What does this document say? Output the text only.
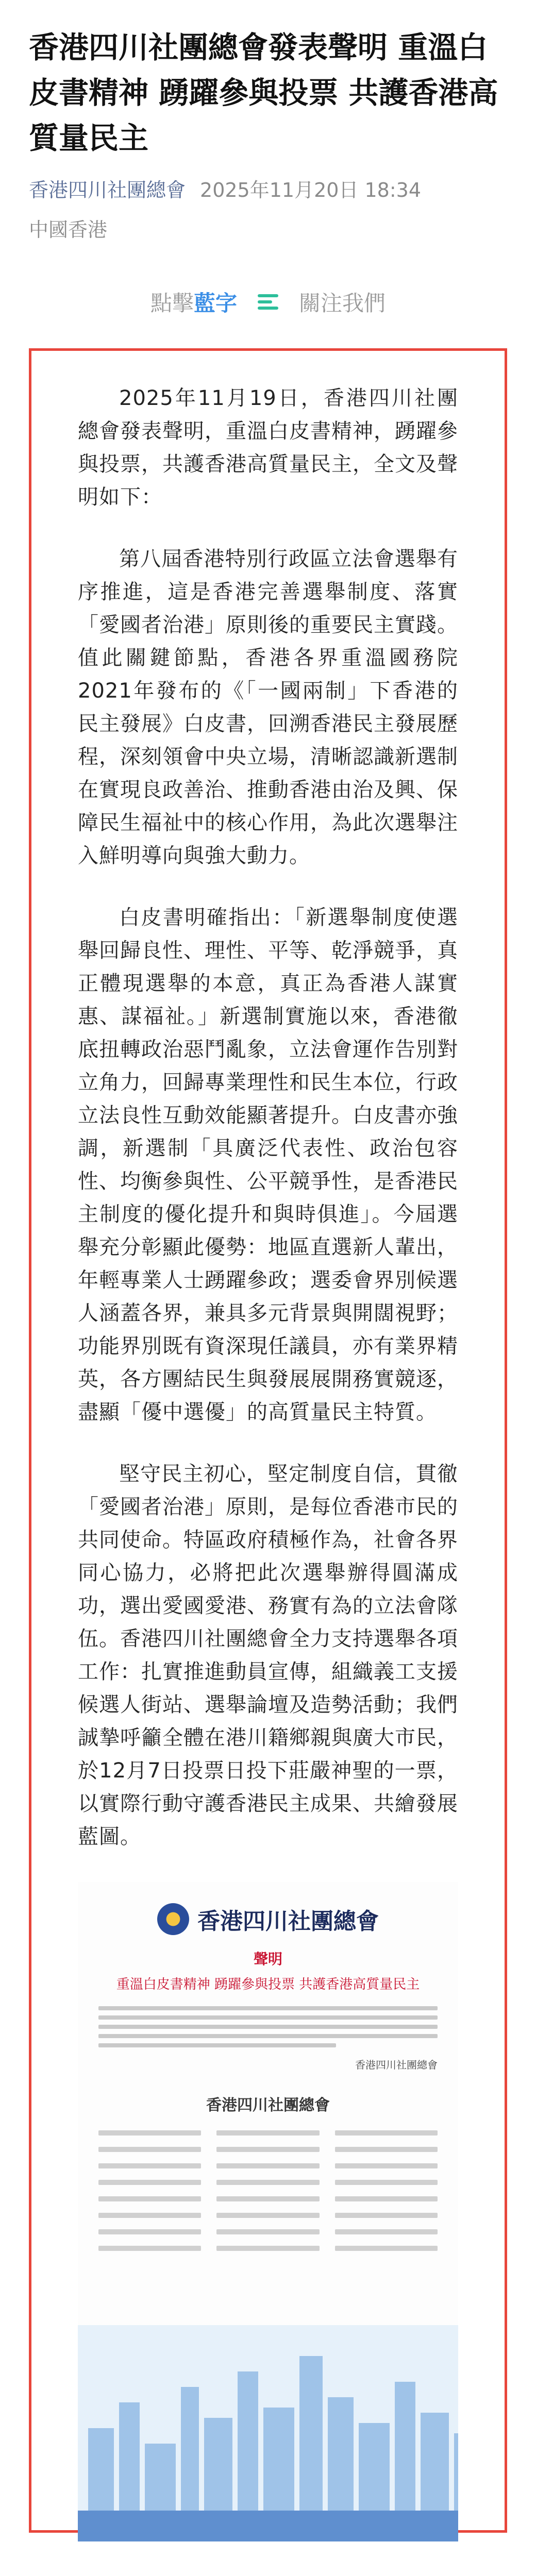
香港四川社團總會發表聲明 重溫白皮書精神 踴躍參與投票 共護香港高質量民主
香港四川社團總會 2025年11月20日 18:34
中國香港
點擊藍字	關注我們

2025年11月19日，香港四川社團總會發表聲明，重溫白皮書精神，踴躍參與投票，共護香港高質量民主，全文及聲明如下：

第八屆香港特別行政區立法會選舉有序推進，這是香港完善選舉制度、落實「愛國者治港」原則後的重要民主實踐。值此關鍵節點，香港各界重溫國務院2021年發布的《「一國兩制」下香港的民主發展》白皮書，回溯香港民主發展歷程，深刻領會中央立場，清晰認識新選制在實現良政善治、推動香港由治及興、保障民生福祉中的核心作用，為此次選舉注入鮮明導向與強大動力。

白皮書明確指出：「新選舉制度使選舉回歸良性、理性、平等、乾淨競爭，真正體現選舉的本意，真正為香港人謀實惠、謀福祉。」新選制實施以來，香港徹底扭轉政治惡鬥亂象，立法會運作告別對立角力，回歸專業理性和民生本位，行政立法良性互動效能顯著提升。白皮書亦強調，新選制「具廣泛代表性、政治包容性、均衡參與性、公平競爭性，是香港民主制度的優化提升和與時俱進」。今屆選舉充分彰顯此優勢：地區直選新人輩出，年輕專業人士踴躍參政；選委會界別候選人涵蓋各界，兼具多元背景與開闊視野；功能界別既有資深現任議員，亦有業界精英，各方團結民生與發展展開務實競逐，盡顯「優中選優」的高質量民主特質。

堅守民主初心，堅定制度自信，貫徹「愛國者治港」原則，是每位香港市民的共同使命。特區政府積極作為，社會各界同心協力，必將把此次選舉辦得圓滿成功，選出愛國愛港、務實有為的立法會隊伍。香港四川社團總會全力支持選舉各項工作：扎實推進動員宣傳，組織義工支援候選人街站、選舉論壇及造勢活動；我們誠摯呼籲全體在港川籍鄉親與廣大市民，於12月7日投票日投下莊嚴神聖的一票，以實際行動守護香港民主成果、共繪發展藍圖。

香港四川社團總會
聲明
重溫白皮書精神 踴躍參與投票 共護香港高質量民主
香港四川社團總會
香港四川社團總會
